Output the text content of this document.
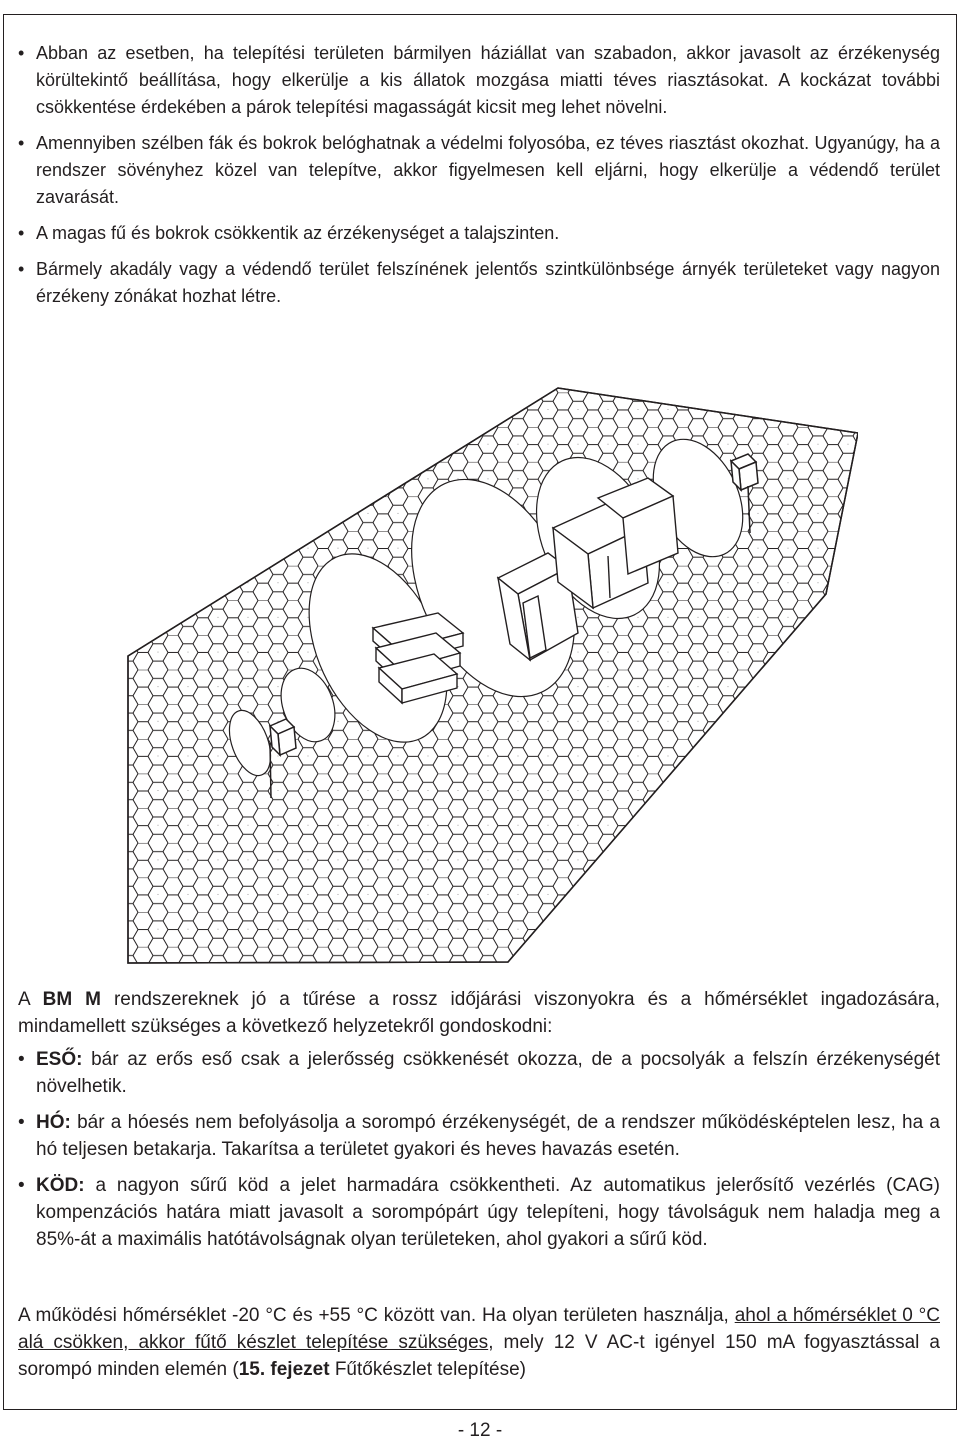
• Abban az esetben, ha telepítési területen bármilyen háziállat van szabadon, akkor javasolt az érzékenység körültekintő beállítása, hogy elkerülje a kis állatok mozgása miatti téves riasztásokat. A kockázat további csökkentése érdekében a párok telepítési magasságát kicsit meg lehet növelni.
• Amennyiben szélben fák és bokrok belóghatnak a védelmi folyosóba, ez téves riasztást okozhat. Ugyanúgy, ha a rendszer sövényhez közel van telepítve, akkor figyelmesen kell eljárni, hogy elkerülje a védendő terület zavarását.
• A magas fű és bokrok csökkentik az érzékenységet a talajszinten.
• Bármely akadály vagy a védendő terület felszínének jelentős szintkülönbsége árnyék területeket vagy nagyon érzékeny zónákat hozhat létre.
A BM M rendszereknek jó a tűrése a rossz időjárási viszonyokra és a hőmérséklet ingadozására, mindamellett szükséges a következő helyzetekről gondoskodni:
• ESŐ: bár az erős eső csak a jelerősség csökkenését okozza, de a pocsolyák a felszín érzékenységét növelhetik.
• HÓ: bár a hóesés nem befolyásolja a sorompó érzékenységét, de a rendszer működésképtelen lesz, ha a hó teljesen betakarja. Takarítsa a területet gyakori és heves havazás esetén.
• KÖD: a nagyon sűrű köd a jelet harmadára csökkentheti. Az automatikus jelerősítő vezérlés (CAG) kompenzációs határa miatt javasolt a sorompópárt úgy telepíteni, hogy távolságuk nem haladja meg a 85%-át a maximális hatótávolságnak olyan területeken, ahol gyakori a sűrű köd.
A működési hőmérséklet -20 °C és +55 °C között van. Ha olyan területen használja, ahol a hőmérséklet 0 °C alá csökken, akkor fűtő készlet telepítése szükséges, mely 12 V AC-t igényel 150 mA fogyasztással a sorompó minden elemén (15. fejezet Fűtőkészlet telepítése)
- 12 -
